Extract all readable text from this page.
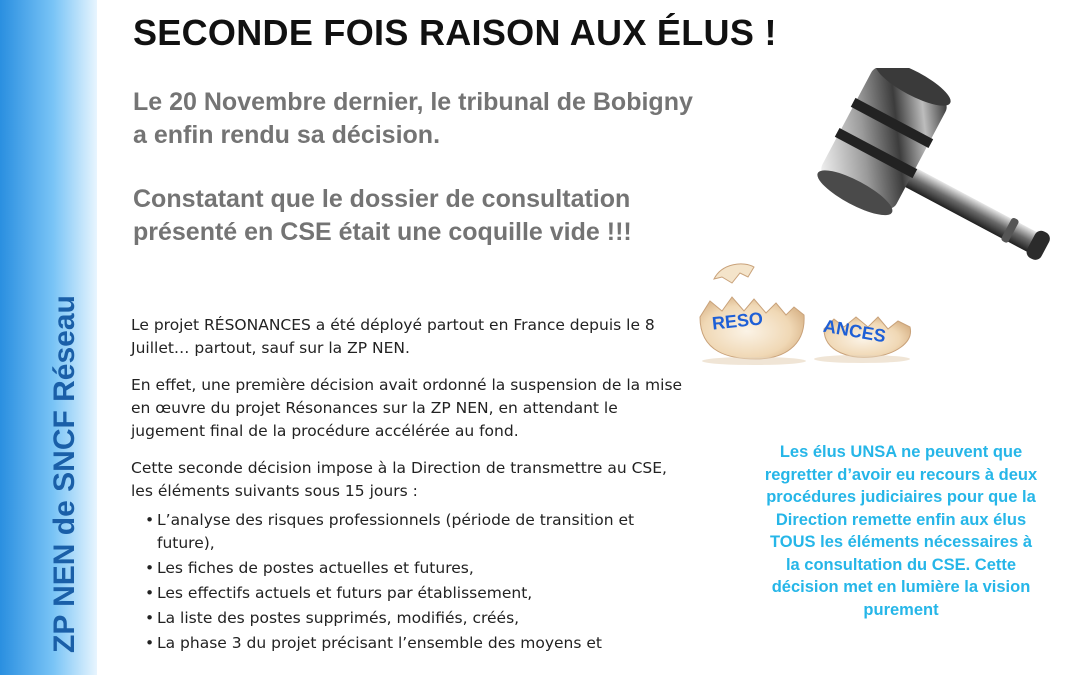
ZP NEN de SNCF Réseau
SECONDE FOIS RAISON AUX ÉLUS !

Le 20 Novembre dernier, le tribunal de Bobigny a enfin rendu sa décision.

Constatant que le dossier de consultation présenté en CSE était une coquille vide !!!

Le projet RÉSONANCES a été déployé partout en France depuis le 8 Juillet… partout, sauf sur la ZP NEN.

En effet, une première décision avait ordonné la suspension de la mise en œuvre du projet Résonances sur la ZP NEN, en attendant le jugement final de la procédure accélérée au fond.

Cette seconde décision impose à la Direction de transmettre au CSE, les éléments suivants sous 15 jours :

• L’analyse des risques professionnels (période de transition et future),
• Les fiches de postes actuelles et futures,
• Les effectifs actuels et futurs par établissement,
• La liste des postes supprimés, modifiés, créés,
• La phase 3 du projet précisant l’ensemble des moyens et
RESO	ANCES
Les élus UNSA ne peuvent que regretter d’avoir eu recours à deux procédures judiciaires pour que la Direction remette enfin aux élus TOUS les éléments nécessaires à la consultation du CSE. Cette décision met en lumière la vision purement
